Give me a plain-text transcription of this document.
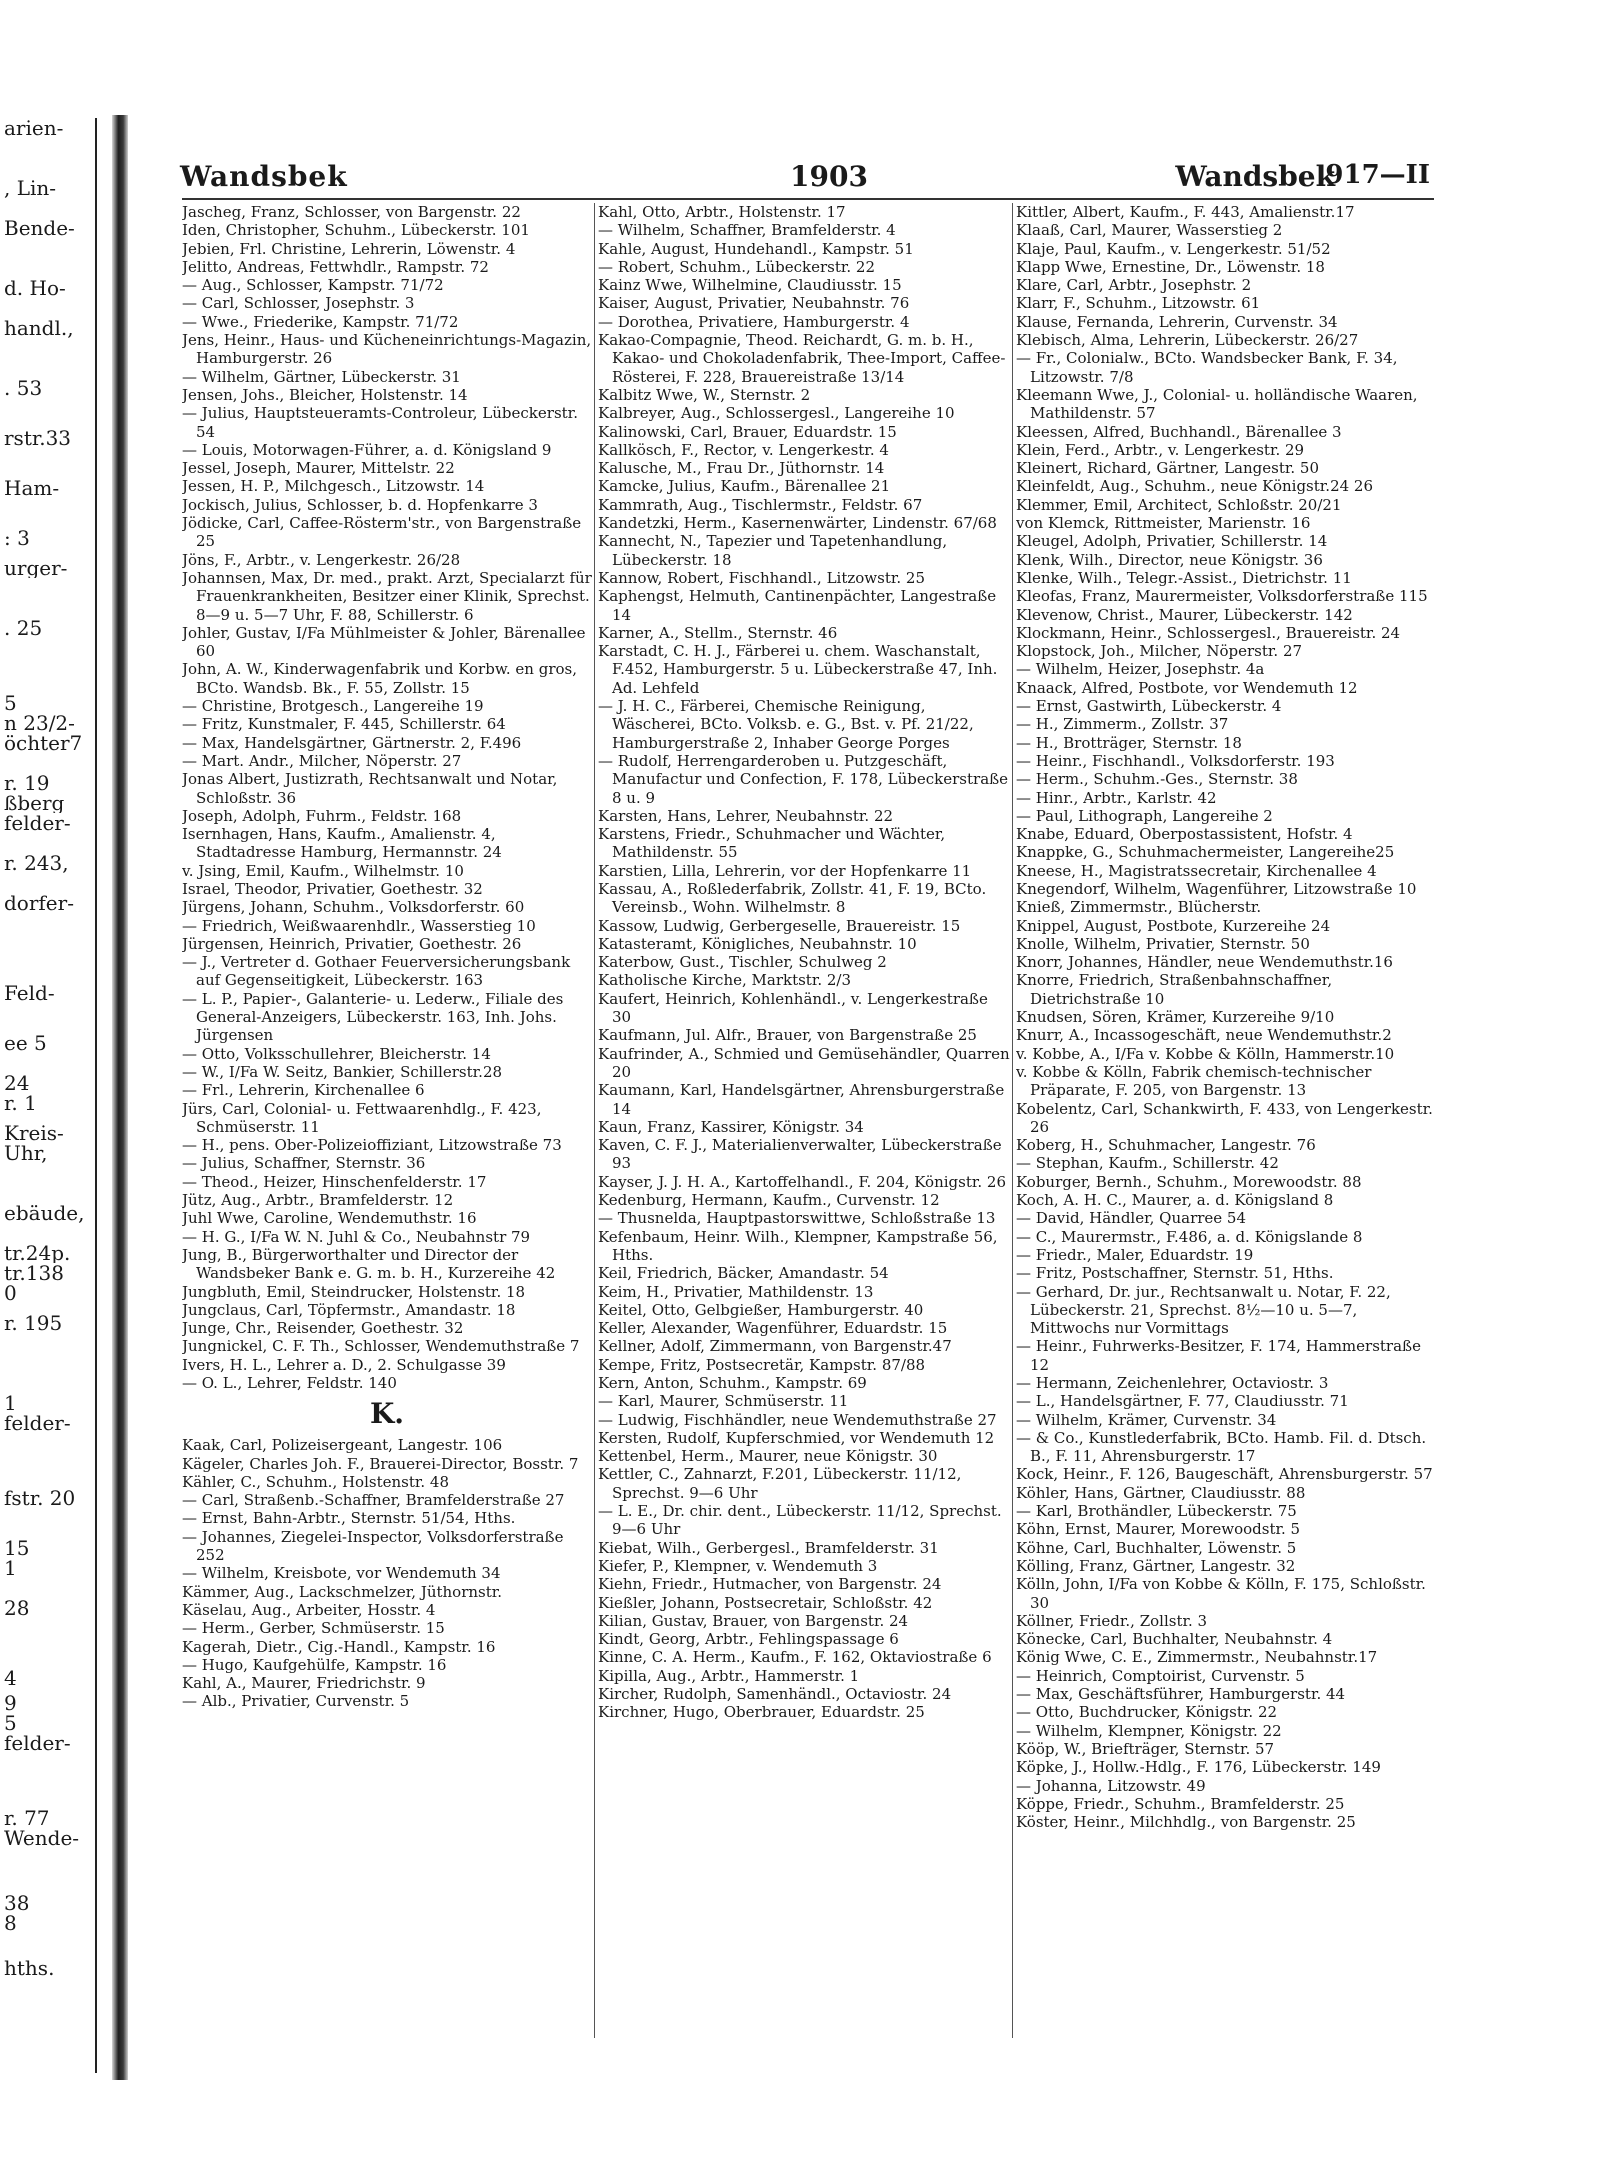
arien-
, Lin-
Bende-
d. Ho-
handl.,
. 53
rstr.33
Ham-
: 3
urger-
. 25
5
n 23/2-
öchter7
r. 19
ßberg
felder-
r. 243,
dorfer-
Feld-
ee 5
24
r. 1
Kreis-
Uhr,
ebäude,
tr.24p.
tr.138
0
r. 195
1
felder-
fstr. 20
15
1
28
4
9
5
felder-
r. 77
Wende-
38
8
hths.
Wandsbek	1903	Wandsbek
917—II
Jascheg, Franz, Schlosser, von Bargenstr. 22
Iden, Christopher, Schuhm., Lübeckerstr. 101
Jebien, Frl. Christine, Lehrerin, Löwenstr. 4
Jelitto, Andreas, Fettwhdlr., Rampstr. 72
— Aug., Schlosser, Kampstr. 71/72
— Carl, Schlosser, Josephstr. 3
— Wwe., Friederike, Kampstr. 71/72
Jens, Heinr., Haus- und Kücheneinrichtungs-Magazin, Hamburgerstr. 26
— Wilhelm, Gärtner, Lübeckerstr. 31
Jensen, Johs., Bleicher, Holstenstr. 14
— Julius, Hauptsteueramts-Controleur, Lübeckerstr. 54
— Louis, Motorwagen-Führer, a. d. Königsland 9
Jessel, Joseph, Maurer, Mittelstr. 22
Jessen, H. P., Milchgesch., Litzowstr. 14
Jockisch, Julius, Schlosser, b. d. Hopfenkarre 3
Jödicke, Carl, Caffee-Rösterm'str., von Bargenstraße 25
Jöns, F., Arbtr., v. Lengerkestr. 26/28
Johannsen, Max, Dr. med., prakt. Arzt, Specialarzt für Frauenkrankheiten, Besitzer einer Klinik, Sprechst. 8—9 u. 5—7 Uhr, F. 88, Schillerstr. 6
Johler, Gustav, I/Fa Mühlmeister & Johler, Bärenallee 60
John, A. W., Kinderwagenfabrik und Korbw. en gros, BCto. Wandsb. Bk., F. 55, Zollstr. 15
— Christine, Brotgesch., Langereihe 19
— Fritz, Kunstmaler, F. 445, Schillerstr. 64
— Max, Handelsgärtner, Gärtnerstr. 2, F.496
— Mart. Andr., Milcher, Nöperstr. 27
Jonas Albert, Justizrath, Rechtsanwalt und Notar, Schloßstr. 36
Joseph, Adolph, Fuhrm., Feldstr. 168
Isernhagen, Hans, Kaufm., Amalienstr. 4, Stadtadresse Hamburg, Hermannstr. 24
v. Jsing, Emil, Kaufm., Wilhelmstr. 10
Israel, Theodor, Privatier, Goethestr. 32
Jürgens, Johann, Schuhm., Volksdorferstr. 60
— Friedrich, Weißwaarenhdlr., Wasserstieg 10
Jürgensen, Heinrich, Privatier, Goethestr. 26
— J., Vertreter d. Gothaer Feuerversicherungsbank auf Gegenseitigkeit, Lübeckerstr. 163
— L. P., Papier-, Galanterie- u. Lederw., Filiale des General-Anzeigers, Lübeckerstr. 163, Inh. Johs. Jürgensen
— Otto, Volksschullehrer, Bleicherstr. 14
— W., I/Fa W. Seitz, Bankier, Schillerstr.28
— Frl., Lehrerin, Kirchenallee 6
Jürs, Carl, Colonial- u. Fettwaarenhdlg., F. 423, Schmüserstr. 11
— H., pens. Ober-Polizeioffiziant, Litzowstraße 73
— Julius, Schaffner, Sternstr. 36
— Theod., Heizer, Hinschenfelderstr. 17
Jütz, Aug., Arbtr., Bramfelderstr. 12
Juhl Wwe, Caroline, Wendemuthstr. 16
— H. G., I/Fa W. N. Juhl & Co., Neubahnstr 79
Jung, B., Bürgerworthalter und Director der Wandsbeker Bank e. G. m. b. H., Kurzereihe 42
Jungbluth, Emil, Steindrucker, Holstenstr. 18
Jungclaus, Carl, Töpfermstr., Amandastr. 18
Junge, Chr., Reisender, Goethestr. 32
Jungnickel, C. F. Th., Schlosser, Wendemuthstraße 7
Ivers, H. L., Lehrer a. D., 2. Schulgasse 39
— O. L., Lehrer, Feldstr. 140
K.
Kaak, Carl, Polizeisergeant, Langestr. 106
Kägeler, Charles Joh. F., Brauerei-Director, Bosstr. 7
Kähler, C., Schuhm., Holstenstr. 48
— Carl, Straßenb.-Schaffner, Bramfelderstraße 27
— Ernst, Bahn-Arbtr., Sternstr. 51/54, Hths.
— Johannes, Ziegelei-Inspector, Volksdorferstraße 252
— Wilhelm, Kreisbote, vor Wendemuth 34
Kämmer, Aug., Lackschmelzer, Jüthornstr.
Käselau, Aug., Arbeiter, Hosstr. 4
— Herm., Gerber, Schmüserstr. 15
Kagerah, Dietr., Cig.-Handl., Kampstr. 16
— Hugo, Kaufgehülfe, Kampstr. 16
Kahl, A., Maurer, Friedrichstr. 9
— Alb., Privatier, Curvenstr. 5
Kahl, Otto, Arbtr., Holstenstr. 17
— Wilhelm, Schaffner, Bramfelderstr. 4
Kahle, August, Hundehandl., Kampstr. 51
— Robert, Schuhm., Lübeckerstr. 22
Kainz Wwe, Wilhelmine, Claudiusstr. 15
Kaiser, August, Privatier, Neubahnstr. 76
— Dorothea, Privatiere, Hamburgerstr. 4
Kakao-Compagnie, Theod. Reichardt, G. m. b. H., Kakao- und Chokoladenfabrik, Thee-Import, Caffee-Rösterei, F. 228, Brauereistraße 13/14
Kalbitz Wwe, W., Sternstr. 2
Kalbreyer, Aug., Schlossergesl., Langereihe 10
Kalinowski, Carl, Brauer, Eduardstr. 15
Kallkösch, F., Rector, v. Lengerkestr. 4
Kalusche, M., Frau Dr., Jüthornstr. 14
Kamcke, Julius, Kaufm., Bärenallee 21
Kammrath, Aug., Tischlermstr., Feldstr. 67
Kandetzki, Herm., Kasernenwärter, Lindenstr. 67/68
Kannecht, N., Tapezier und Tapetenhandlung, Lübeckerstr. 18
Kannow, Robert, Fischhandl., Litzowstr. 25
Kaphengst, Helmuth, Cantinenpächter, Langestraße 14
Karner, A., Stellm., Sternstr. 46
Karstadt, C. H. J., Färberei u. chem. Waschanstalt, F.452, Hamburgerstr. 5 u. Lübeckerstraße 47, Inh. Ad. Lehfeld
— J. H. C., Färberei, Chemische Reinigung, Wäscherei, BCto. Volksb. e. G., Bst. v. Pf. 21/22, Hamburgerstraße 2, Inhaber George Porges
— Rudolf, Herrengarderoben u. Putzgeschäft, Manufactur und Confection, F. 178, Lübeckerstraße 8 u. 9
Karsten, Hans, Lehrer, Neubahnstr. 22
Karstens, Friedr., Schuhmacher und Wächter, Mathildenstr. 55
Karstien, Lilla, Lehrerin, vor der Hopfenkarre 11
Kassau, A., Roßlederfabrik, Zollstr. 41, F. 19, BCto. Vereinsb., Wohn. Wilhelmstr. 8
Kassow, Ludwig, Gerbergeselle, Brauereistr. 15
Katasteramt, Königliches, Neubahnstr. 10
Katerbow, Gust., Tischler, Schulweg 2
Katholische Kirche, Marktstr. 2/3
Kaufert, Heinrich, Kohlenhändl., v. Lengerkestraße 30
Kaufmann, Jul. Alfr., Brauer, von Bargenstraße 25
Kaufrinder, A., Schmied und Gemüsehändler, Quarren 20
Kaumann, Karl, Handelsgärtner, Ahrensburgerstraße 14
Kaun, Franz, Kassirer, Königstr. 34
Kaven, C. F. J., Materialienverwalter, Lübeckerstraße 93
Kayser, J. J. H. A., Kartoffelhandl., F. 204, Königstr. 26
Kedenburg, Hermann, Kaufm., Curvenstr. 12
— Thusnelda, Hauptpastorswittwe, Schloßstraße 13
Kefenbaum, Heinr. Wilh., Klempner, Kampstraße 56, Hths.
Keil, Friedrich, Bäcker, Amandastr. 54
Keim, H., Privatier, Mathildenstr. 13
Keitel, Otto, Gelbgießer, Hamburgerstr. 40
Keller, Alexander, Wagenführer, Eduardstr. 15
Kellner, Adolf, Zimmermann, von Bargenstr.47
Kempe, Fritz, Postsecretär, Kampstr. 87/88
Kern, Anton, Schuhm., Kampstr. 69
— Karl, Maurer, Schmüserstr. 11
— Ludwig, Fischhändler, neue Wendemuthstraße 27
Kersten, Rudolf, Kupferschmied, vor Wendemuth 12
Kettenbel, Herm., Maurer, neue Königstr. 30
Kettler, C., Zahnarzt, F.201, Lübeckerstr. 11/12, Sprechst. 9—6 Uhr
— L. E., Dr. chir. dent., Lübeckerstr. 11/12, Sprechst. 9—6 Uhr
Kiebat, Wilh., Gerbergesl., Bramfelderstr. 31
Kiefer, P., Klempner, v. Wendemuth 3
Kiehn, Friedr., Hutmacher, von Bargenstr. 24
Kießler, Johann, Postsecretair, Schloßstr. 42
Kilian, Gustav, Brauer, von Bargenstr. 24
Kindt, Georg, Arbtr., Fehlingspassage 6
Kinne, C. A. Herm., Kaufm., F. 162, Oktaviostraße 6
Kipilla, Aug., Arbtr., Hammerstr. 1
Kircher, Rudolph, Samenhändl., Octaviostr. 24
Kirchner, Hugo, Oberbrauer, Eduardstr. 25
Kittler, Albert, Kaufm., F. 443, Amalienstr.17
Klaaß, Carl, Maurer, Wasserstieg 2
Klaje, Paul, Kaufm., v. Lengerkestr. 51/52
Klapp Wwe, Ernestine, Dr., Löwenstr. 18
Klare, Carl, Arbtr., Josephstr. 2
Klarr, F., Schuhm., Litzowstr. 61
Klause, Fernanda, Lehrerin, Curvenstr. 34
Klebisch, Alma, Lehrerin, Lübeckerstr. 26/27
— Fr., Colonialw., BCto. Wandsbecker Bank, F. 34, Litzowstr. 7/8
Kleemann Wwe, J., Colonial- u. holländische Waaren, Mathildenstr. 57
Kleessen, Alfred, Buchhandl., Bärenallee 3
Klein, Ferd., Arbtr., v. Lengerkestr. 29
Kleinert, Richard, Gärtner, Langestr. 50
Kleinfeldt, Aug., Schuhm., neue Königstr.24 26
Klemmer, Emil, Architect, Schloßstr. 20/21
von Klemck, Rittmeister, Marienstr. 16
Kleugel, Adolph, Privatier, Schillerstr. 14
Klenk, Wilh., Director, neue Königstr. 36
Klenke, Wilh., Telegr.-Assist., Dietrichstr. 11
Kleofas, Franz, Maurermeister, Volksdorferstraße 115
Klevenow, Christ., Maurer, Lübeckerstr. 142
Klockmann, Heinr., Schlossergesl., Brauereistr. 24
Klopstock, Joh., Milcher, Nöperstr. 27
— Wilhelm, Heizer, Josephstr. 4a
Knaack, Alfred, Postbote, vor Wendemuth 12
— Ernst, Gastwirth, Lübeckerstr. 4
— H., Zimmerm., Zollstr. 37
— H., Brotträger, Sternstr. 18
— Heinr., Fischhandl., Volksdorferstr. 193
— Herm., Schuhm.-Ges., Sternstr. 38
— Hinr., Arbtr., Karlstr. 42
— Paul, Lithograph, Langereihe 2
Knabe, Eduard, Oberpostassistent, Hofstr. 4
Knappke, G., Schuhmachermeister, Langereihe25
Kneese, H., Magistratssecretair, Kirchenallee 4
Knegendorf, Wilhelm, Wagenführer, Litzowstraße 10
Knieß, Zimmermstr., Blücherstr.
Knippel, August, Postbote, Kurzereihe 24
Knolle, Wilhelm, Privatier, Sternstr. 50
Knorr, Johannes, Händler, neue Wendemuthstr.16
Knorre, Friedrich, Straßenbahnschaffner, Dietrichstraße 10
Knudsen, Sören, Krämer, Kurzereihe 9/10
Knurr, A., Incassogeschäft, neue Wendemuthstr.2
v. Kobbe, A., I/Fa v. Kobbe & Kölln, Hammerstr.10
v. Kobbe & Kölln, Fabrik chemisch-technischer Präparate, F. 205, von Bargenstr. 13
Kobelentz, Carl, Schankwirth, F. 433, von Lengerkestr. 26
Koberg, H., Schuhmacher, Langestr. 76
— Stephan, Kaufm., Schillerstr. 42
Koburger, Bernh., Schuhm., Morewoodstr. 88
Koch, A. H. C., Maurer, a. d. Königsland 8
— David, Händler, Quarree 54
— C., Maurermstr., F.486, a. d. Königslande 8
— Friedr., Maler, Eduardstr. 19
— Fritz, Postschaffner, Sternstr. 51, Hths.
— Gerhard, Dr. jur., Rechtsanwalt u. Notar, F. 22, Lübeckerstr. 21, Sprechst. 8½—10 u. 5—7, Mittwochs nur Vormittags
— Heinr., Fuhrwerks-Besitzer, F. 174, Hammerstraße 12
— Hermann, Zeichenlehrer, Octaviostr. 3
— L., Handelsgärtner, F. 77, Claudiusstr. 71
— Wilhelm, Krämer, Curvenstr. 34
— & Co., Kunstlederfabrik, BCto. Hamb. Fil. d. Dtsch. B., F. 11, Ahrensburgerstr. 17
Kock, Heinr., F. 126, Baugeschäft, Ahrensburgerstr. 57
Köhler, Hans, Gärtner, Claudiusstr. 88
— Karl, Brothändler, Lübeckerstr. 75
Köhn, Ernst, Maurer, Morewoodstr. 5
Köhne, Carl, Buchhalter, Löwenstr. 5
Kölling, Franz, Gärtner, Langestr. 32
Kölln, John, I/Fa von Kobbe & Kölln, F. 175, Schloßstr. 30
Köllner, Friedr., Zollstr. 3
Könecke, Carl, Buchhalter, Neubahnstr. 4
König Wwe, C. E., Zimmermstr., Neubahnstr.17
— Heinrich, Comptoirist, Curvenstr. 5
— Max, Geschäftsführer, Hamburgerstr. 44
— Otto, Buchdrucker, Königstr. 22
— Wilhelm, Klempner, Königstr. 22
Kööp, W., Briefträger, Sternstr. 57
Köpke, J., Hollw.-Hdlg., F. 176, Lübeckerstr. 149
— Johanna, Litzowstr. 49
Köppe, Friedr., Schuhm., Bramfelderstr. 25
Köster, Heinr., Milchhdlg., von Bargenstr. 25
